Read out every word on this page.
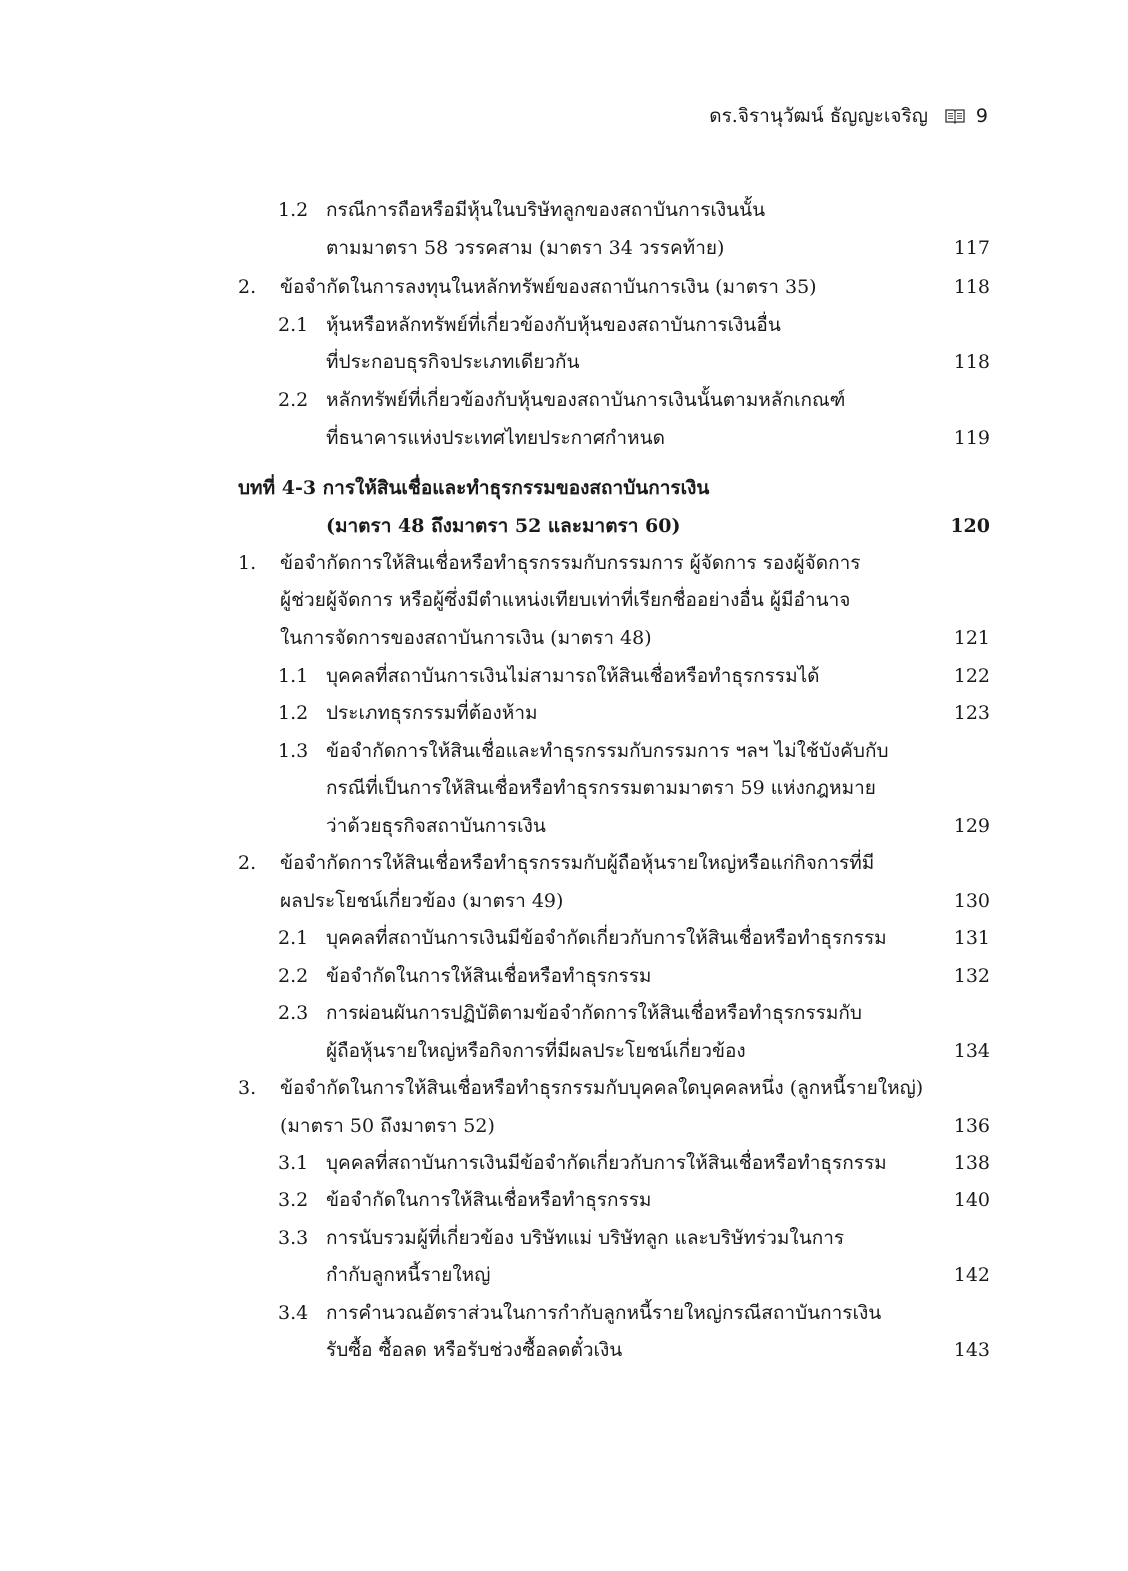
ดร.จิรานุวัฒน์ ธัญญะเจริญ	9
1.2 กรณีการถือหรือมีหุ้นในบริษัทลูกของสถาบันการเงินนั้น
ตามมาตรา 58 วรรคสาม (มาตรา 34 วรรคท้าย)	117
2. ข้อจำกัดในการลงทุนในหลักทรัพย์ของสถาบันการเงิน (มาตรา 35)	118
2.1 หุ้นหรือหลักทรัพย์ที่เกี่ยวข้องกับหุ้นของสถาบันการเงินอื่น
ที่ประกอบธุรกิจประเภทเดียวกัน	118
2.2 หลักทรัพย์ที่เกี่ยวข้องกับหุ้นของสถาบันการเงินนั้นตามหลักเกณฑ์
ที่ธนาคารแห่งประเทศไทยประกาศกำหนด	119
บทที่ 4-3 การให้สินเชื่อและทำธุรกรรมของสถาบันการเงิน
(มาตรา 48 ถึงมาตรา 52 และมาตรา 60)	120
1. ข้อจำกัดการให้สินเชื่อหรือทำธุรกรรมกับกรรมการ ผู้จัดการ รองผู้จัดการ
ผู้ช่วยผู้จัดการ หรือผู้ซึ่งมีตำแหน่งเทียบเท่าที่เรียกชื่ออย่างอื่น ผู้มีอำนาจ
ในการจัดการของสถาบันการเงิน (มาตรา 48)	121
1.1 บุคคลที่สถาบันการเงินไม่สามารถให้สินเชื่อหรือทำธุรกรรมได้	122
1.2 ประเภทธุรกรรมที่ต้องห้าม	123
1.3 ข้อจำกัดการให้สินเชื่อและทำธุรกรรมกับกรรมการ ฯลฯ ไม่ใช้บังคับกับ
กรณีที่เป็นการให้สินเชื่อหรือทำธุรกรรมตามมาตรา 59 แห่งกฎหมาย
ว่าด้วยธุรกิจสถาบันการเงิน	129
2. ข้อจำกัดการให้สินเชื่อหรือทำธุรกรรมกับผู้ถือหุ้นรายใหญ่หรือแก่กิจการที่มี
ผลประโยชน์เกี่ยวข้อง (มาตรา 49)	130
2.1 บุคคลที่สถาบันการเงินมีข้อจำกัดเกี่ยวกับการให้สินเชื่อหรือทำธุรกรรม	131
2.2 ข้อจำกัดในการให้สินเชื่อหรือทำธุรกรรม	132
2.3 การผ่อนผันการปฏิบัติตามข้อจำกัดการให้สินเชื่อหรือทำธุรกรรมกับ
ผู้ถือหุ้นรายใหญ่หรือกิจการที่มีผลประโยชน์เกี่ยวข้อง	134
3. ข้อจำกัดในการให้สินเชื่อหรือทำธุรกรรมกับบุคคลใดบุคคลหนึ่ง (ลูกหนี้รายใหญ่)
(มาตรา 50 ถึงมาตรา 52)	136
3.1 บุคคลที่สถาบันการเงินมีข้อจำกัดเกี่ยวกับการให้สินเชื่อหรือทำธุรกรรม	138
3.2 ข้อจำกัดในการให้สินเชื่อหรือทำธุรกรรม	140
3.3 การนับรวมผู้ที่เกี่ยวข้อง บริษัทแม่ บริษัทลูก และบริษัทร่วมในการ
กำกับลูกหนี้รายใหญ่	142
3.4 การคำนวณอัตราส่วนในการกำกับลูกหนี้รายใหญ่กรณีสถาบันการเงิน
รับซื้อ ซื้อลด หรือรับช่วงซื้อลดตั๋วเงิน	143
